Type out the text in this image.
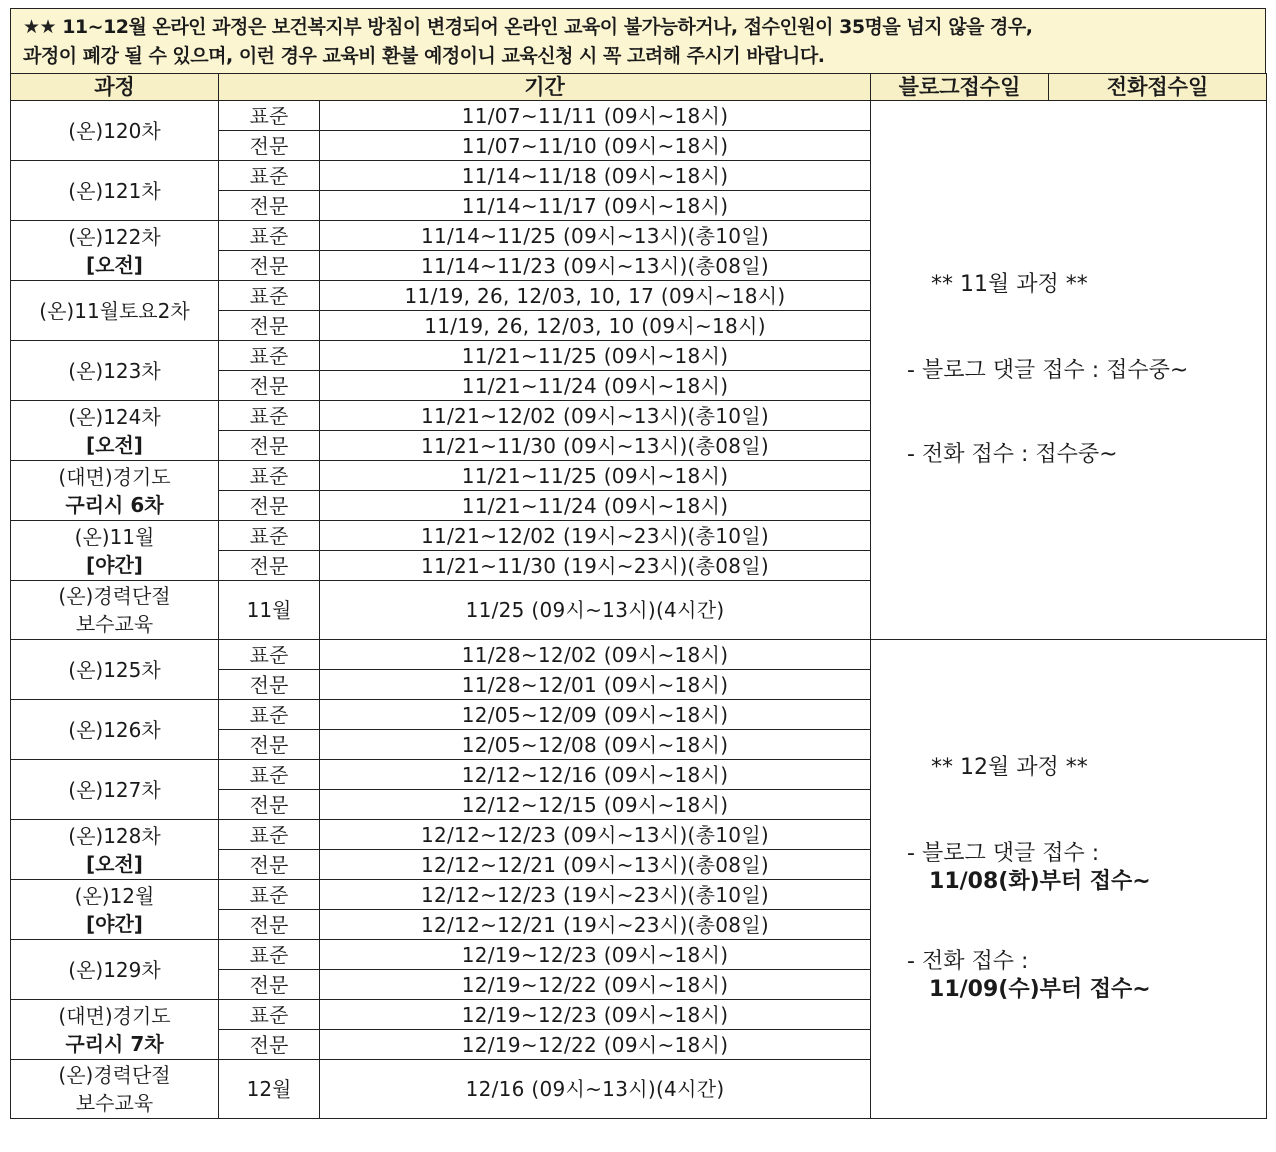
★★ 11~12월 온라인 과정은 보건복지부 방침이 변경되어 온라인 교육이 불가능하거나, 접수인원이 35명을 넘지 않을 경우,
과정이 폐강 될 수 있으며, 이런 경우 교육비 환불 예정이니 교육신청 시 꼭 고려해 주시기 바랍니다.
과정	기간		블로그접수일	전화접수일

(온)120차	표준	11/07~11/11 (09시~18시)	** 11월 과정 **
- 블로그 댓글 접수 : 접수중~
- 전화 접수 : 접수중~	

	전문	11/07~11/10 (09시~18시)		

(온)121차	표준	11/14~11/18 (09시~18시)		
	전문	11/14~11/17 (09시~18시)		

(온)122차
[오전]	표준	11/14~11/25 (09시~13시)(총10일)		
	전문	11/14~11/23 (09시~13시)(총08일)		

(온)11월토요2차	표준	11/19, 26, 12/03, 10, 17 (09시~18시)		
	전문	11/19, 26, 12/03, 10 (09시~18시)		

(온)123차	표준	11/21~11/25 (09시~18시)		
	전문	11/21~11/24 (09시~18시)		

(온)124차
[오전]	표준	11/21~12/02 (09시~13시)(총10일)		
	전문	11/21~11/30 (09시~13시)(총08일)		

(대면)경기도
구리시 6차	표준	11/21~11/25 (09시~18시)		
	전문	11/21~11/24 (09시~18시)		

(온)11월
[야간]	표준	11/21~12/02 (19시~23시)(총10일)		
	전문	11/21~11/30 (19시~23시)(총08일)		

(온)경력단절
보수교육	11월	11/25 (09시~13시)(4시간)		

(온)125차	표준	11/28~12/02 (09시~18시)	** 12월 과정 **
- 블로그 댓글 접수 :
11/08(화)부터 접수~
- 전화 접수 :
11/09(수)부터 접수~	

	전문	11/28~12/01 (09시~18시)		

(온)126차	표준	12/05~12/09 (09시~18시)		
	전문	12/05~12/08 (09시~18시)		

(온)127차	표준	12/12~12/16 (09시~18시)		
	전문	12/12~12/15 (09시~18시)		

(온)128차
[오전]	표준	12/12~12/23 (09시~13시)(총10일)		
	전문	12/12~12/21 (09시~13시)(총08일)		

(온)12월
[야간]	표준	12/12~12/23 (19시~23시)(총10일)		
	전문	12/12~12/21 (19시~23시)(총08일)		

(온)129차	표준	12/19~12/23 (09시~18시)		
	전문	12/19~12/22 (09시~18시)		

(대면)경기도
구리시 7차	표준	12/19~12/23 (09시~18시)		
	전문	12/19~12/22 (09시~18시)		

(온)경력단절
보수교육	12월	12/16 (09시~13시)(4시간)		
